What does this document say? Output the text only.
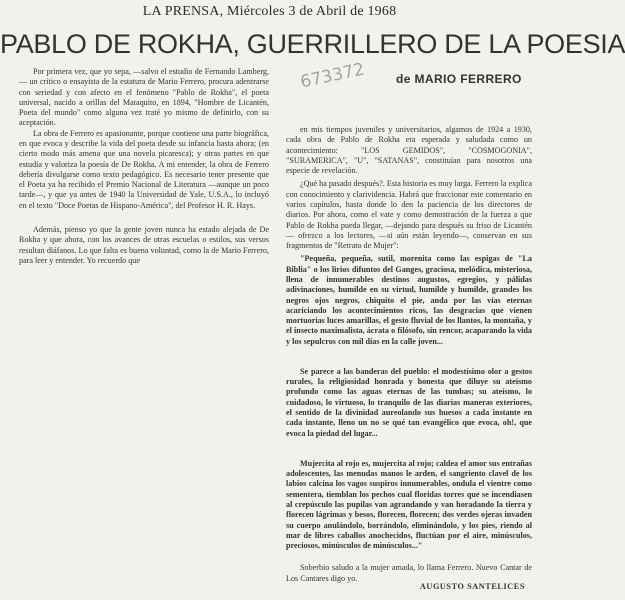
LA PRENSA, Miércoles 3 de Abril de 1968
PABLO DE ROKHA, GUERRILLERO DE LA POESIA
673372 de MARIO FERRERO

Por primera vez, que yo sepa, —salvo el estudio de Fernando Lamberg,— un crítico o ensayista de la estatura de Mario Ferrero, procura adentrarse con seriedad y con afecto en el fenómeno "Pablo de Rokha", el poeta universal, nacido a orillas del Mataquito, en 1894, "Hombre de Licantén, Poeta del mundo" como alguna vez traté yo mismo de definirlo, con su aceptación.

La obra de Ferrero es apasionante, porque contiene una parte biográfica, en que evoca y describe la vida del poeta desde su infancia hasta ahora; (en cierto modo más amena que una novela picaresca); y otras partes en que estudia y valoriza la poesía de De Rokha. A mi entender, la obra de Ferrero debería divulgarse como texto pedagógico. Es necesario tener presente que el Poeta ya ha recibido el Premio Nacional de Literatura —aunque un poco tarde—, y que ya antes de 1940 la Universidad de Yale, U.S.A., lo incluyó en el texto "Doce Poetas de Hispano-América", del Profesor H. R. Hays.

Además, pienso yo que la gente joven nunca ha estado alejada de De Rokha y que ahora, con los avances de otras escuelas o estilos, sus versos resultan diáfanos. Lo que falta es buena voluntad, como la de Mario Ferrero, para leer y entender. Yo recuerdo que

en mis tiempos juveniles y universitarios, algamos de 1924 a 1930, cada obra de Pablo de Rokha era esperada y saludada como un acontecimiento: "LOS GEMIDOS", "COSMOGONIA", "SURAMERICA", "U", "SATANAS", constituían para nosotros una especie de revelación.

¿Qué ha pasado después?. Esta historia es muy larga. Ferrero la explica con conocimiento y clarividencia. Habrá que fraccionar este comentario en varios capítulos, hasta donde lo den la paciencia de los directores de diarios. Por ahora, como el vate y como demostración de la fuerza a que Pablo de Rokha pueda llegar, —dejando para después su friso de Licantén— ofrezco a los lectores, —si aún están leyendo—, conservan en sus fragmentos de "Retrato de Mujer":

"Pequeña, pequeña, sutil, morenita como las espigas de "La Biblia" o los lirios difuntos del Ganges, graciosa, melódica, misteriosa, llena de innumerables destinos augustos, egregios, y pálidas adivinaciones, humilde en su virtud, humilde y humilde, grandes los negros ojos negros, chiquito el pie, anda por las vías eternas acariciando los acontecimientos ricos, las desgracias que vienen mortuorias luces amarillas, el gesto fluvial de los llantos, la montaña, y el insecto maximalista, ácrata o filósofo, sin rencor, acaparando la vida y los sepulcros con mil días en la calle joven...

Se parece a las banderas del pueblo: el modestísimo olor a gestos rurales, la religiosidad honrada y honesta que diluye su ateísmo profundo como las aguas eternas de las tumbas; su ateísmo, lo cuidadoso, lo virtuoso, lo tranquilo de las diarias maneras exteriores, el sentido de la divinidad aureolando sus huesos a cada instante en cada instante, lleno un no se qué tan evangélico que evoca, oh!, que evoca la piedad del lugar...

Mujercita al rojo es, mujercita al rojo; caldea el amor sus entrañas adolescentes, las menudas manos le arden, el sangriento clavel de los labios calcina los vagos suspiros innumerables, ondula el vientre como sementera, tiemblan los pechos cual floridas torres que se incendiasen al crepúsculo las pupilas van agrandando y van horadando la tierra y florecen lágrimas y besos, florecen, florecen; dos verdes ojeras invaden su cuerpo anulándolo, borrándolo, eliminándolo, y los pies, riendo al mar de libres caballos anochecidos, fluctúan por el aire, minúsculos, preciosos, minúsculos de minúsculos..."

Soberbio saludo a la mujer amada, lo llama Ferrero. Nuevo Cantar de Los Cantares digo yo.

AUGUSTO SANTELICES
